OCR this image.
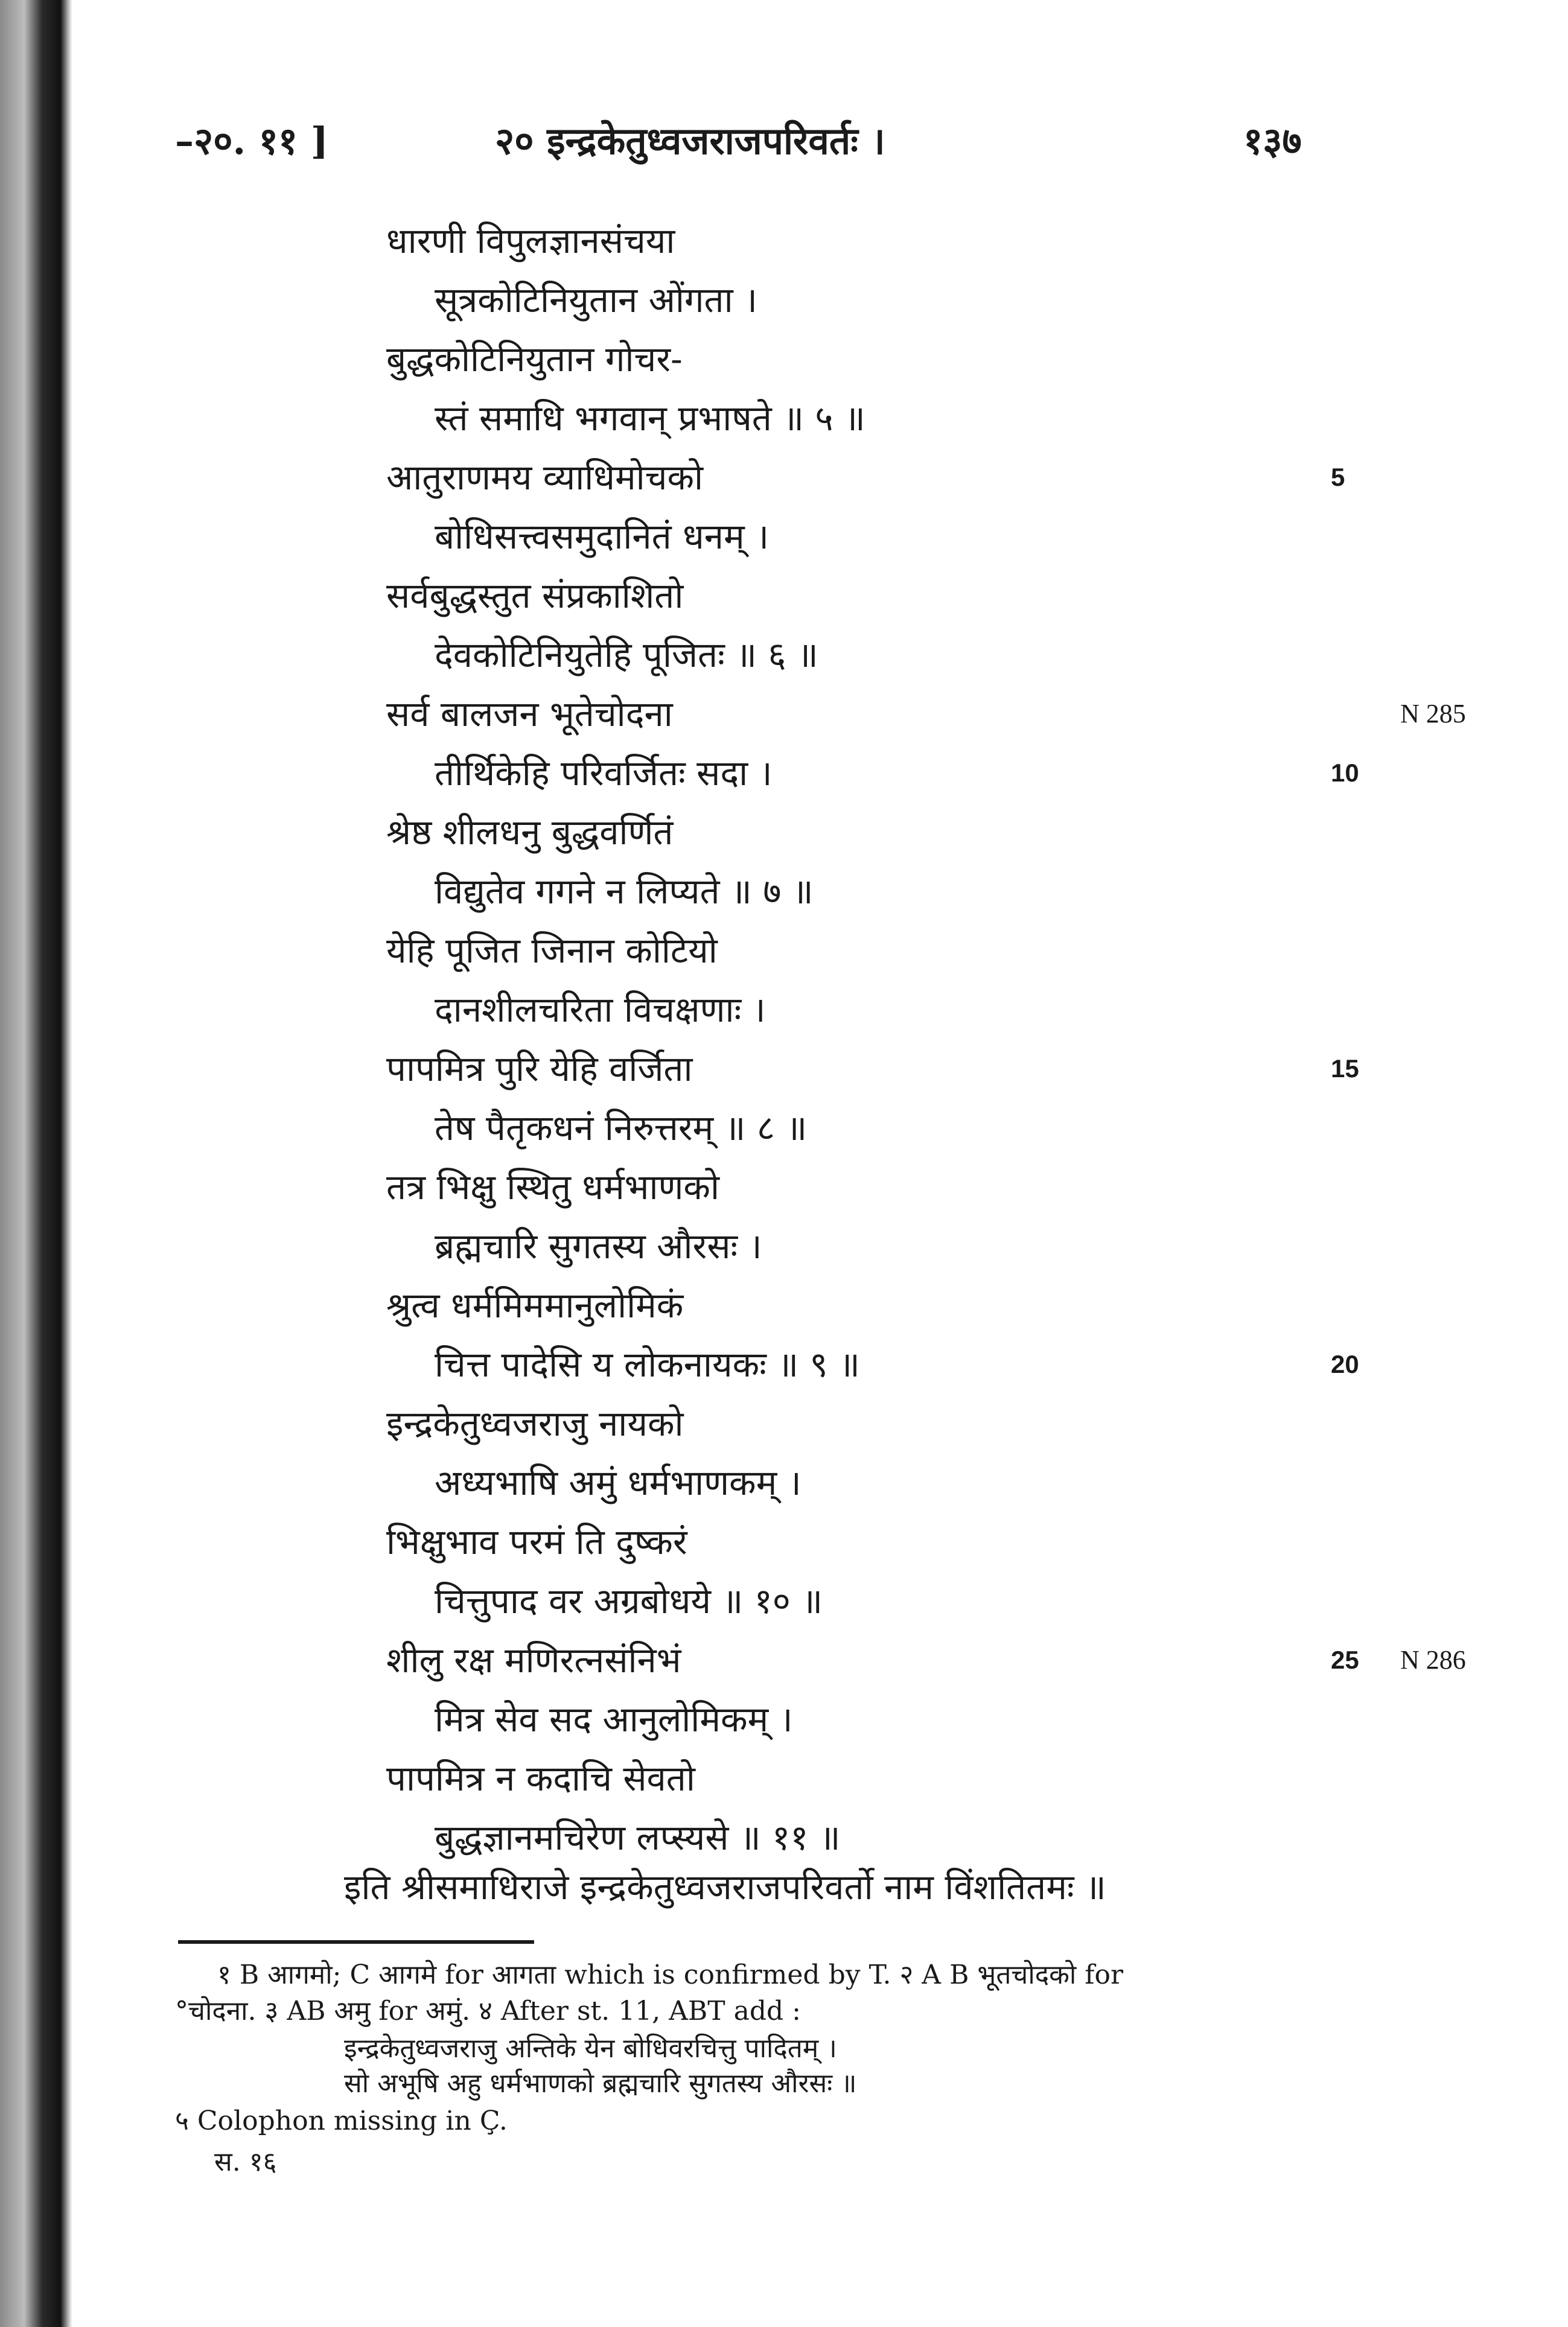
–२०. ११ ]	२० इन्द्रकेतुध्वजराजपरिवर्तः ।	१३७
धारणी विपुलज्ञानसंचया
सूत्रकोटिनियुतान ओंगता ।
बुद्धकोटिनियुतान गोचर-
स्तं समाधि भगवान् प्रभाषते ॥ ५ ॥
आतुराणमय व्याधिमोचको	5
बोधिसत्त्वसमुदानितं धनम् ।
सर्वबुद्धस्तुत संप्रकाशितो
देवकोटिनियुतेहि पूजितः ॥ ६ ॥
सर्व बालजन भूतेचोदना	N 285
तीर्थिकेहि परिवर्जितः सदा ।	10
श्रेष्ठ शीलधनु बुद्धवर्णितं
विद्युतेव गगने न लिप्यते ॥ ७ ॥
येहि पूजित जिनान कोटियो
दानशीलचरिता विचक्षणाः ।
पापमित्र पुरि येहि वर्जिता	15
तेष पैतृकधनं निरुत्तरम् ॥ ८ ॥
तत्र भिक्षु स्थितु धर्मभाणको
ब्रह्मचारि सुगतस्य औरसः ।
श्रुत्व धर्ममिममानुलोमिकं
चित्त पादेसि य लोकनायकः ॥ ९ ॥	20
इन्द्रकेतुध्वजराजु नायको
अध्यभाषि अमुं धर्मभाणकम् ।
भिक्षुभाव परमं ति दुष्करं
चित्तुपाद वर अग्रबोधये ॥ १० ॥
शीलु रक्ष मणिरत्नसंनिभं	25 N 286
मित्र सेव सद आनुलोमिकम् ।
पापमित्र न कदाचि सेवतो
बुद्धज्ञानमचिरेण लप्स्यसे ॥ ११ ॥
इति श्रीसमाधिराजे इन्द्रकेतुध्वजराजपरिवर्तो नाम विंशतितमः ॥
१ B आगमो; C आगमे for आगता which is confirmed by T. २ A B भूतचोदको for
°चोदना. ३ AB अमु for अमुं. ४ After st. 11, ABT add :
इन्द्रकेतुध्वजराजु अन्तिके येन बोधिवरचित्तु पादितम् ।
सो अभूषि अहु धर्मभाणको ब्रह्मचारि सुगतस्य औरसः ॥
५ Colophon missing in Ç.
स. १६
